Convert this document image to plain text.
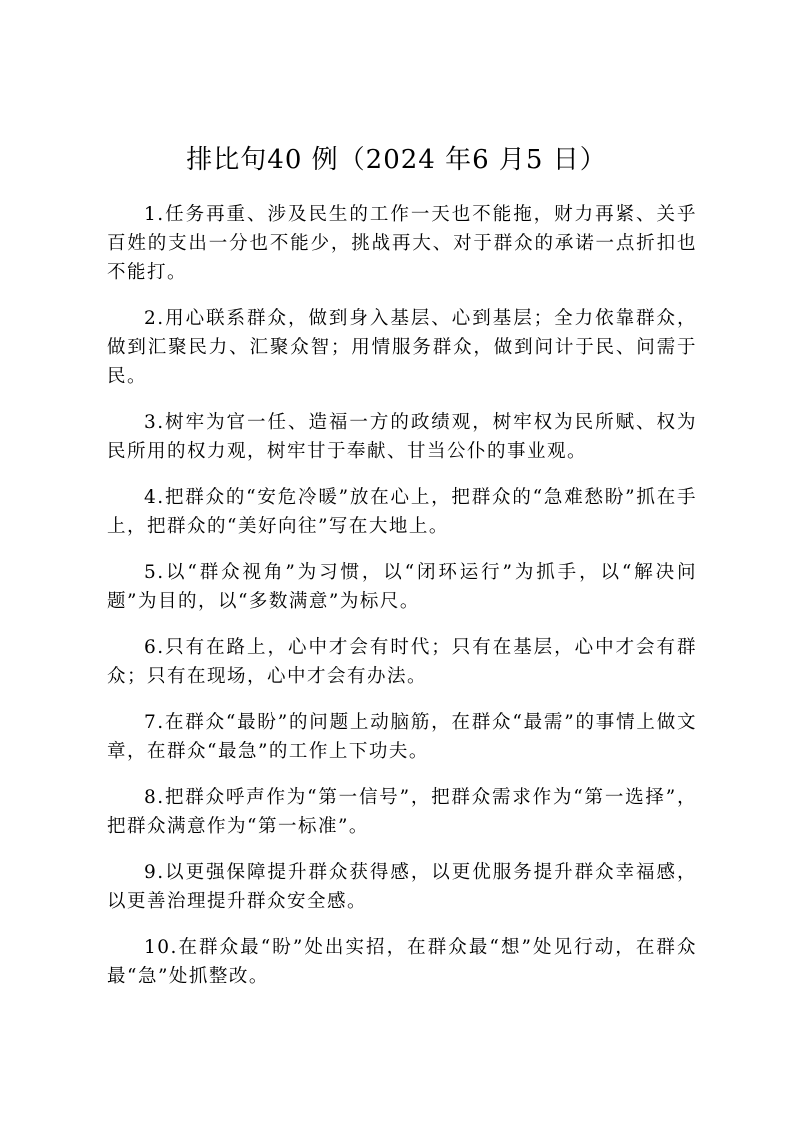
排比句40 例（2024 年6 月5 日）
1.任务再重、涉及民生的工作一天也不能拖，财力再紧、关乎百姓的支出一分也不能少，挑战再大、对于群众的承诺一点折扣也不能打。
2.用心联系群众，做到身入基层、心到基层；全力依靠群众，做到汇聚民力、汇聚众智；用情服务群众，做到问计于民、问需于民。
3.树牢为官一任、造福一方的政绩观，树牢权为民所赋、权为民所用的权力观，树牢甘于奉献、甘当公仆的事业观。
4.把群众的“安危冷暖”放在心上，把群众的“急难愁盼”抓在手上，把群众的“美好向往”写在大地上。
5.以“群众视角”为习惯，以“闭环运行”为抓手，以“解决问题”为目的，以“多数满意”为标尺。
6.只有在路上，心中才会有时代；只有在基层，心中才会有群众；只有在现场，心中才会有办法。
7.在群众“最盼”的问题上动脑筋，在群众“最需”的事情上做文章，在群众“最急”的工作上下功夫。
8.把群众呼声作为“第一信号”，把群众需求作为“第一选择”，把群众满意作为“第一标准”。
9.以更强保障提升群众获得感，以更优服务提升群众幸福感，以更善治理提升群众安全感。
10.在群众最“盼”处出实招，在群众最“想”处见行动，在群众最“急”处抓整改。
